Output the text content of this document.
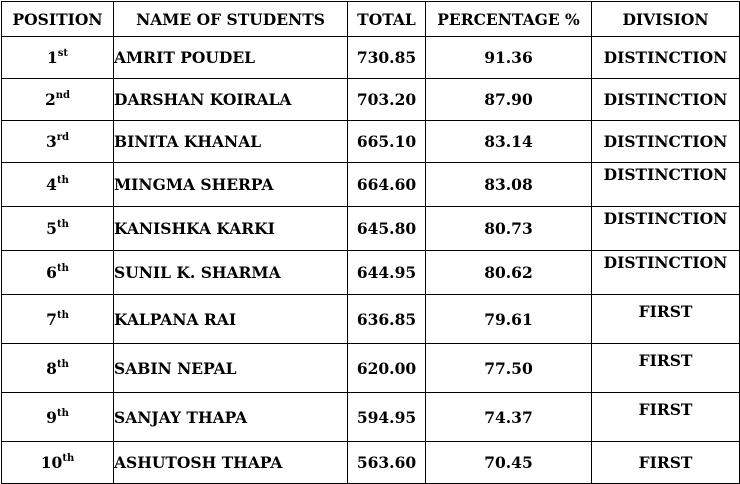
POSITION	NAME OF STUDENTS	TOTAL	PERCENTAGE %	DIVISION
1st	AMRIT POUDEL	730.85	91.36	DISTINCTION
2nd	DARSHAN KOIRALA	703.20	87.90	DISTINCTION
3rd	BINITA KHANAL	665.10	83.14	DISTINCTION
4th	MINGMA SHERPA	664.60	83.08	DISTINCTION
5th	KANISHKA KARKI	645.80	80.73	DISTINCTION
6th	SUNIL K. SHARMA	644.95	80.62	DISTINCTION
7th	KALPANA RAI	636.85	79.61	FIRST
8th	SABIN NEPAL	620.00	77.50	FIRST
9th	SANJAY THAPA	594.95	74.37	FIRST
10th	ASHUTOSH THAPA	563.60	70.45	FIRST
